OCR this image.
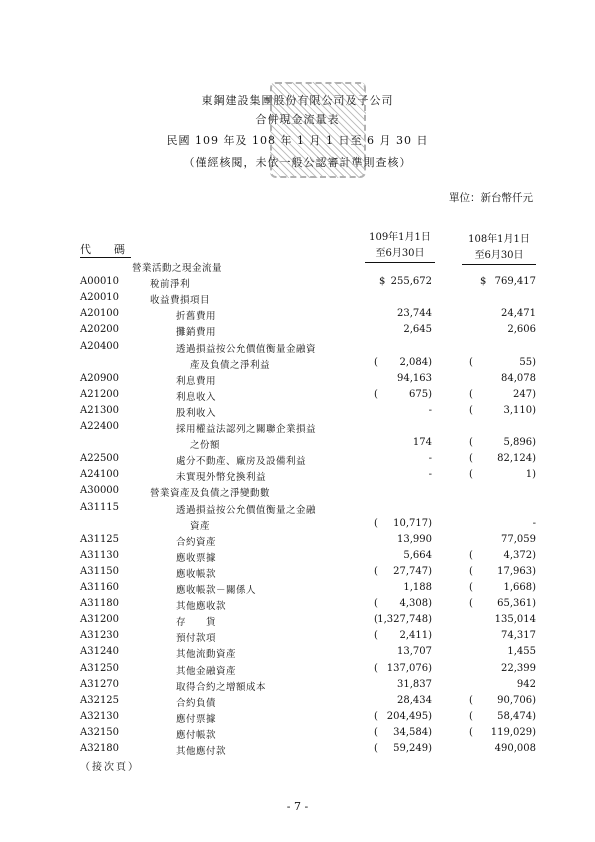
東鋼建設集團股份有限公司及子公司
合併現金流量表
民國 109 年及 108 年 1 月 1 日至 6 月 30 日
（僅經核閱，未依一般公認審計準則查核）
單位：新台幣仟元
109年1月1日
至6月30日
108年1月1日
至6月30日
代　碼
營業活動之現金流量
A00010	稅前淨利	$ 255,672	$ 769,417
A20010	收益費損項目
A20100	折舊費用	23,744	24,471
A20200	攤銷費用	2,645	2,606
A20400	透過損益按公允價值衡量金融資
產及負債之淨利益	( 2,084)	(	55)
A20900	利息費用	94,163	84,078
A21200	利息收入	(	675)	(	247)
A21300	股利收入	-	(	3,110)
A22400	採用權益法認列之關聯企業損益
之份額	174	(	5,896)
A22500	處分不動產、廠房及設備利益	-	( 82,124)
A24100	未實現外幣兌換利益	-	(	1)
A30000	營業資產及負債之淨變動數
A31115	透過損益按公允價值衡量之金融
資產	( 10,717)	-
A31125	合約資產	13,990	77,059
A31130	應收票據	5,664	(	4,372)
A31150	應收帳款	( 27,747)	( 17,963)
A31160	應收帳款－關係人	1,188	(	1,668)
A31180	其他應收款	( 4,308)	( 65,361)
A31200	存　　貨	( 1,327,748)	135,014
A31230	預付款項	( 2,411)	74,317
A31240	其他流動資產	13,707	1,455
A31250	其他金融資產	( 137,076)	22,399
A31270	取得合約之增額成本	31,837	942
A32125	合約負債	28,434	( 90,706)
A32130	應付票據	( 204,495)	( 58,474)
A32150	應付帳款	( 34,584)	( 119,029)
A32180	其他應付款	( 59,249)	490,008
（接次頁）
- 7 -
